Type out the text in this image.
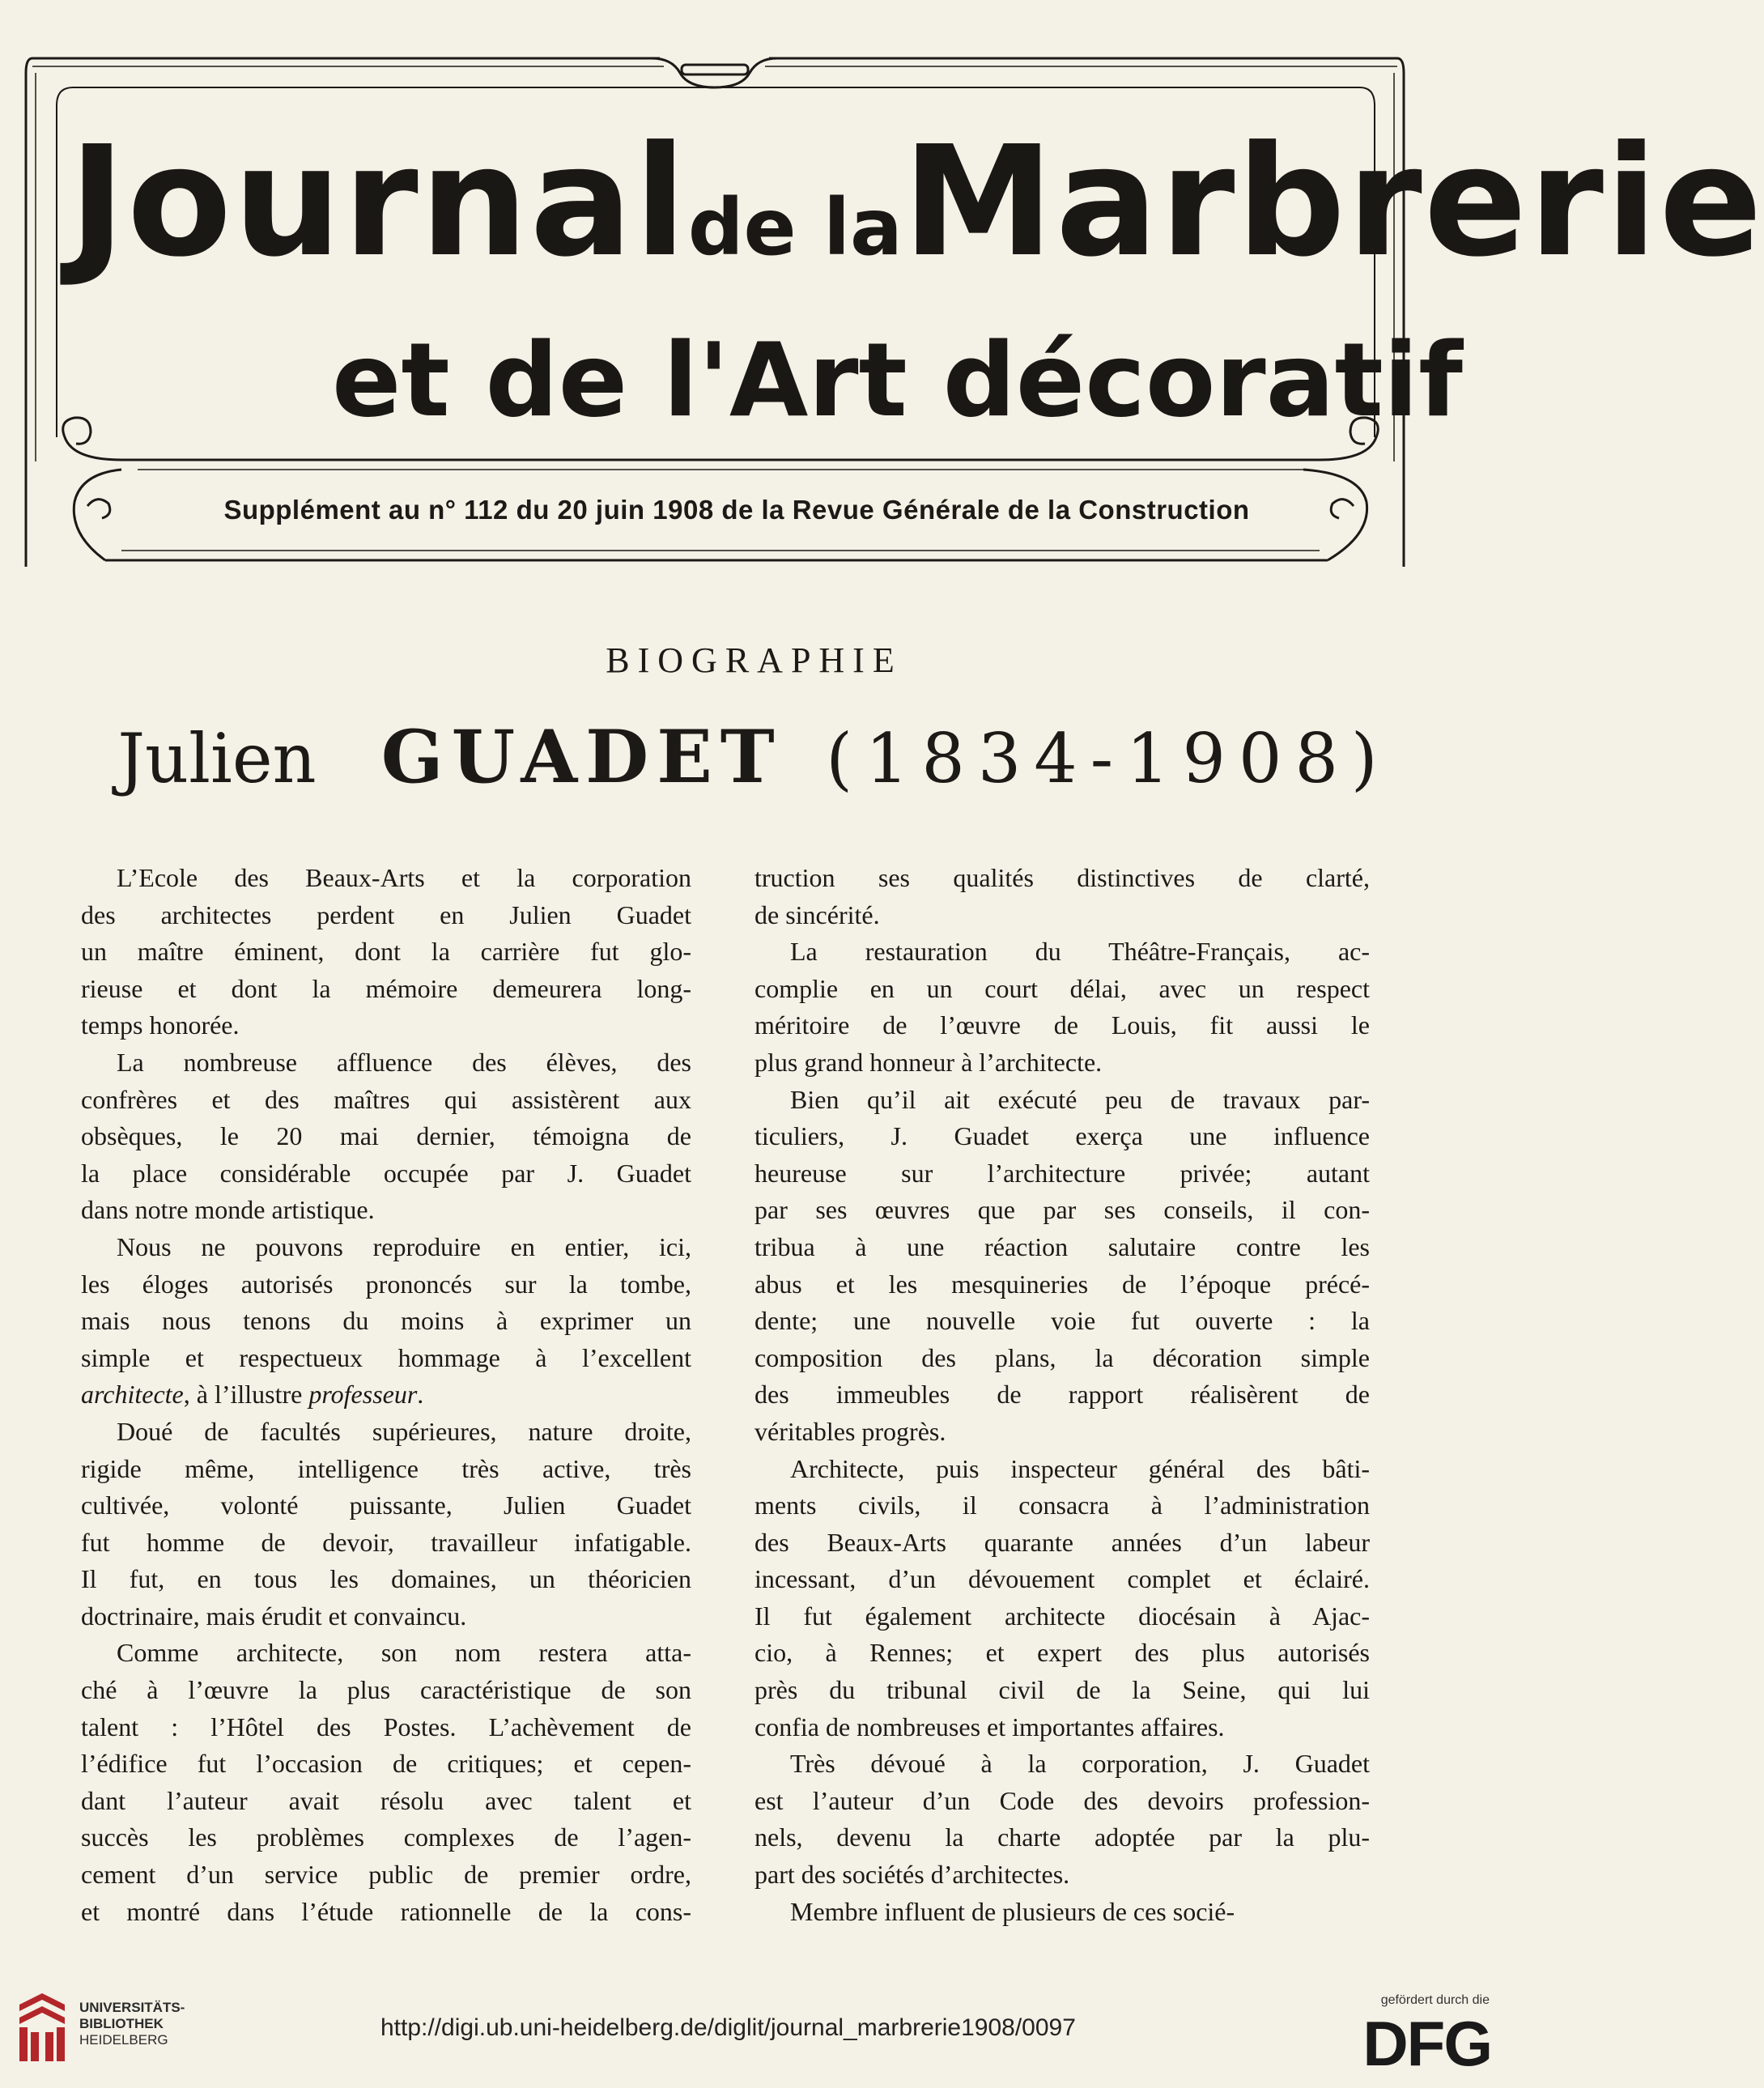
Journalde laMarbrerie
et de l'Art décoratif
Supplément au n° 112 du 20 juin 1908 de la Revue Générale de la Construction
BIOGRAPHIE
Julien GUADET (1834-1908)
L’Ecole des Beaux-Arts et la corporation
des architectes perdent en Julien Guadet
un maître éminent, dont la carrière fut glo-
rieuse et dont la mémoire demeurera long-
temps honorée.
La nombreuse affluence des élèves, des
confrères et des maîtres qui assistèrent aux
obsèques, le 20 mai dernier, témoigna de
la place considérable occupée par J. Guadet
dans notre monde artistique.
Nous ne pouvons reproduire en entier, ici,
les éloges autorisés prononcés sur la tombe,
mais nous tenons du moins à exprimer un
simple et respectueux hommage à l’excellent
architecte, à l’illustre professeur.
Doué de facultés supérieures, nature droite,
rigide même, intelligence très active, très
cultivée, volonté puissante, Julien Guadet
fut homme de devoir, travailleur infatigable.
Il fut, en tous les domaines, un théoricien
doctrinaire, mais érudit et convaincu.
Comme architecte, son nom restera atta-
ché à l’œuvre la plus caractéristique de son
talent : l’Hôtel des Postes. L’achèvement de
l’édifice fut l’occasion de critiques; et cepen-
dant l’auteur avait résolu avec talent et
succès les problèmes complexes de l’agen-
cement d’un service public de premier ordre,
et montré dans l’étude rationnelle de la cons-
truction ses qualités distinctives de clarté,
de sincérité.
La restauration du Théâtre-Français, ac-
complie en un court délai, avec un respect
méritoire de l’œuvre de Louis, fit aussi le
plus grand honneur à l’architecte.
Bien qu’il ait exécuté peu de travaux par-
ticuliers, J. Guadet exerça une influence
heureuse sur l’architecture privée; autant
par ses œuvres que par ses conseils, il con-
tribua à une réaction salutaire contre les
abus et les mesquineries de l’époque précé-
dente; une nouvelle voie fut ouverte : la
composition des plans, la décoration simple
des immeubles de rapport réalisèrent de
véritables progrès.
Architecte, puis inspecteur général des bâti-
ments civils, il consacra à l’administration
des Beaux-Arts quarante années d’un labeur
incessant, d’un dévouement complet et éclairé.
Il fut également architecte diocésain à Ajac-
cio, à Rennes; et expert des plus autorisés
près du tribunal civil de la Seine, qui lui
confia de nombreuses et importantes affaires.
Très dévoué à la corporation, J. Guadet
est l’auteur d’un Code des devoirs profession-
nels, devenu la charte adoptée par la plu-
part des sociétés d’architectes.
Membre influent de plusieurs de ces socié-
UNIVERSITÄTS-
BIBLIOTHEK
HEIDELBERG	http://digi.ub.uni-heidelberg.de/diglit/journal_marbrerie1908/0097
gefördert durch die
DFG
